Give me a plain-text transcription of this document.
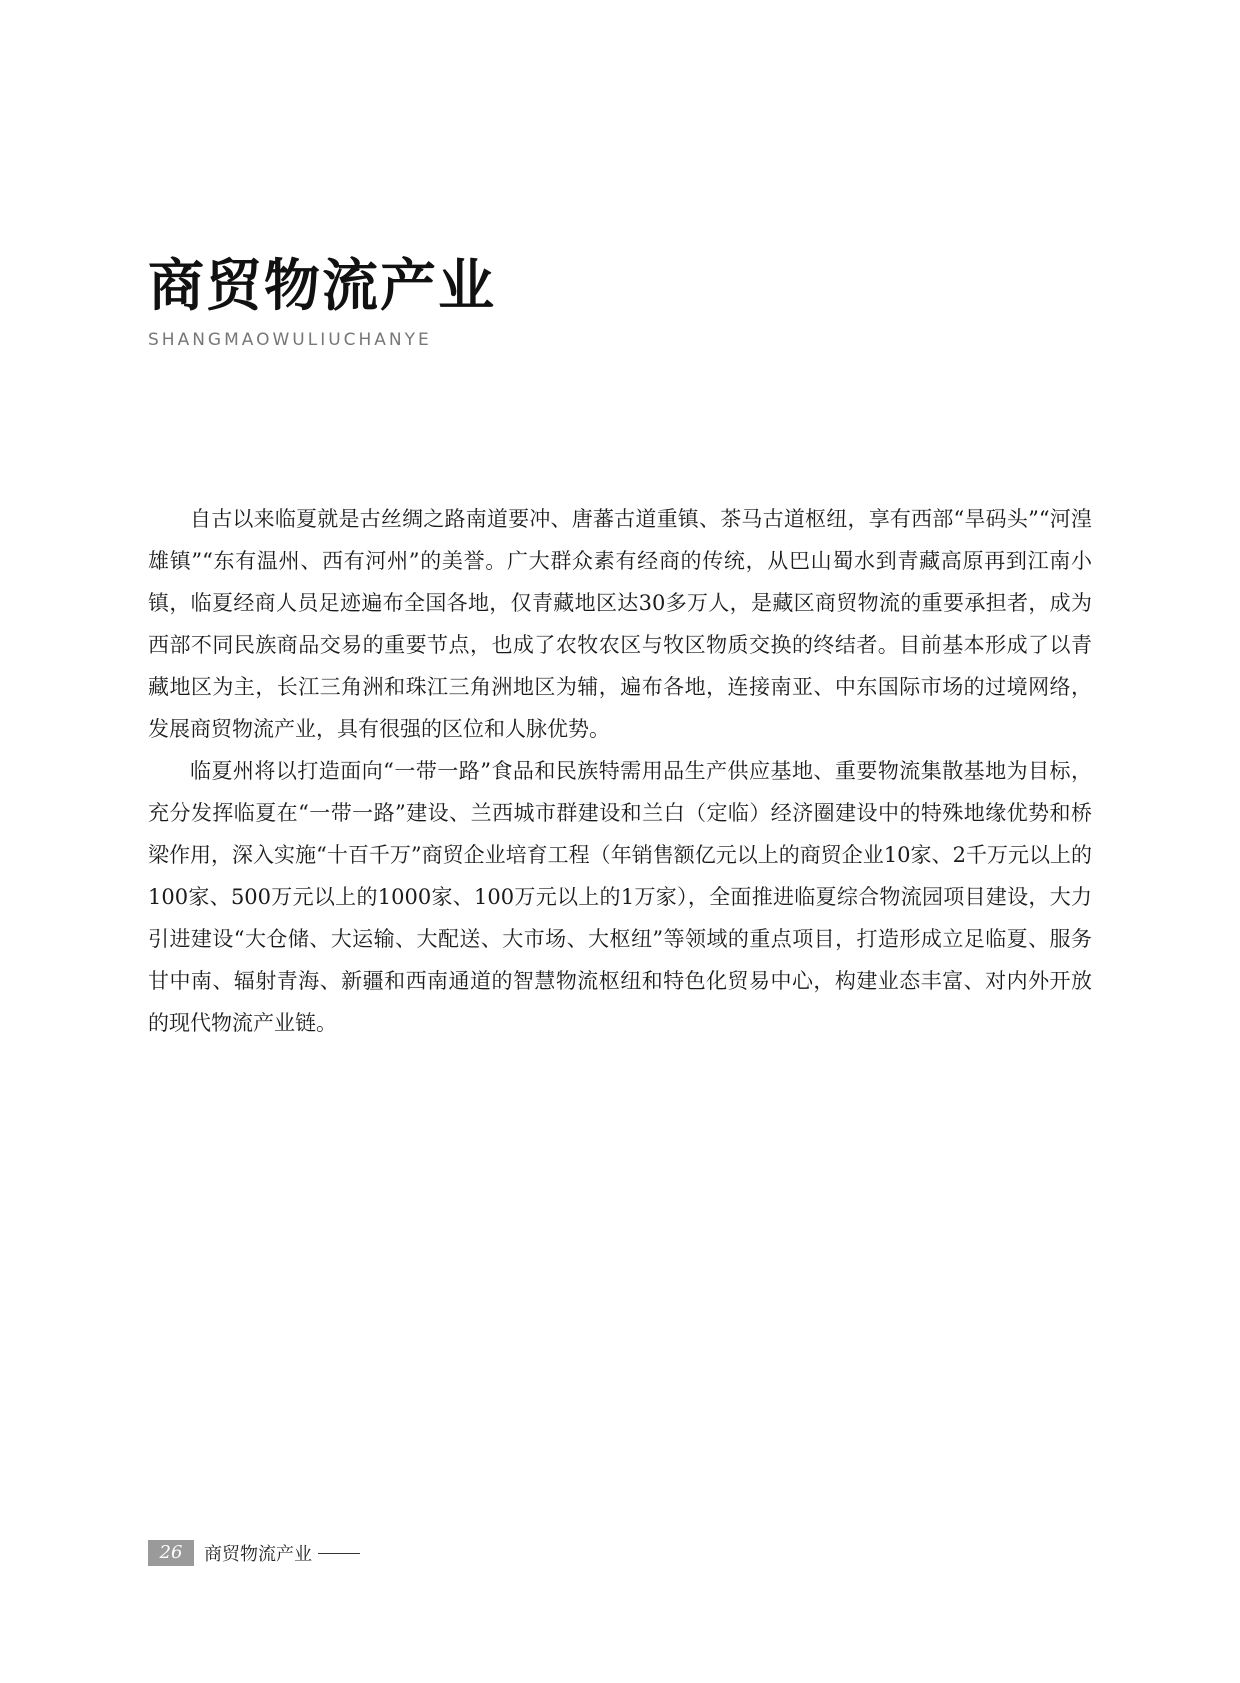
商贸物流产业
SHANGMAOWULIUCHANYE

自古以来临夏就是古丝绸之路南道要冲、唐蕃古道重镇、茶马古道枢纽，享有西部“旱码头”“河湟雄镇”“东有温州、西有河州”的美誉。广大群众素有经商的传统，从巴山蜀水到青藏高原再到江南小镇，临夏经商人员足迹遍布全国各地，仅青藏地区达30多万人，是藏区商贸物流的重要承担者，成为西部不同民族商品交易的重要节点，也成了农牧农区与牧区物质交换的终结者。目前基本形成了以青藏地区为主，长江三角洲和珠江三角洲地区为辅，遍布各地，连接南亚、中东国际市场的过境网络，发展商贸物流产业，具有很强的区位和人脉优势。

临夏州将以打造面向“一带一路”食品和民族特需用品生产供应基地、重要物流集散基地为目标，充分发挥临夏在“一带一路”建设、兰西城市群建设和兰白（定临）经济圈建设中的特殊地缘优势和桥梁作用，深入实施“十百千万”商贸企业培育工程（年销售额亿元以上的商贸企业10家、2千万元以上的100家、500万元以上的1000家、100万元以上的1万家），全面推进临夏综合物流园项目建设，大力引进建设“大仓储、大运输、大配送、大市场、大枢纽”等领域的重点项目，打造形成立足临夏、服务甘中南、辐射青海、新疆和西南通道的智慧物流枢纽和特色化贸易中心，构建业态丰富、对内外开放的现代物流产业链。

26	商贸物流产业
